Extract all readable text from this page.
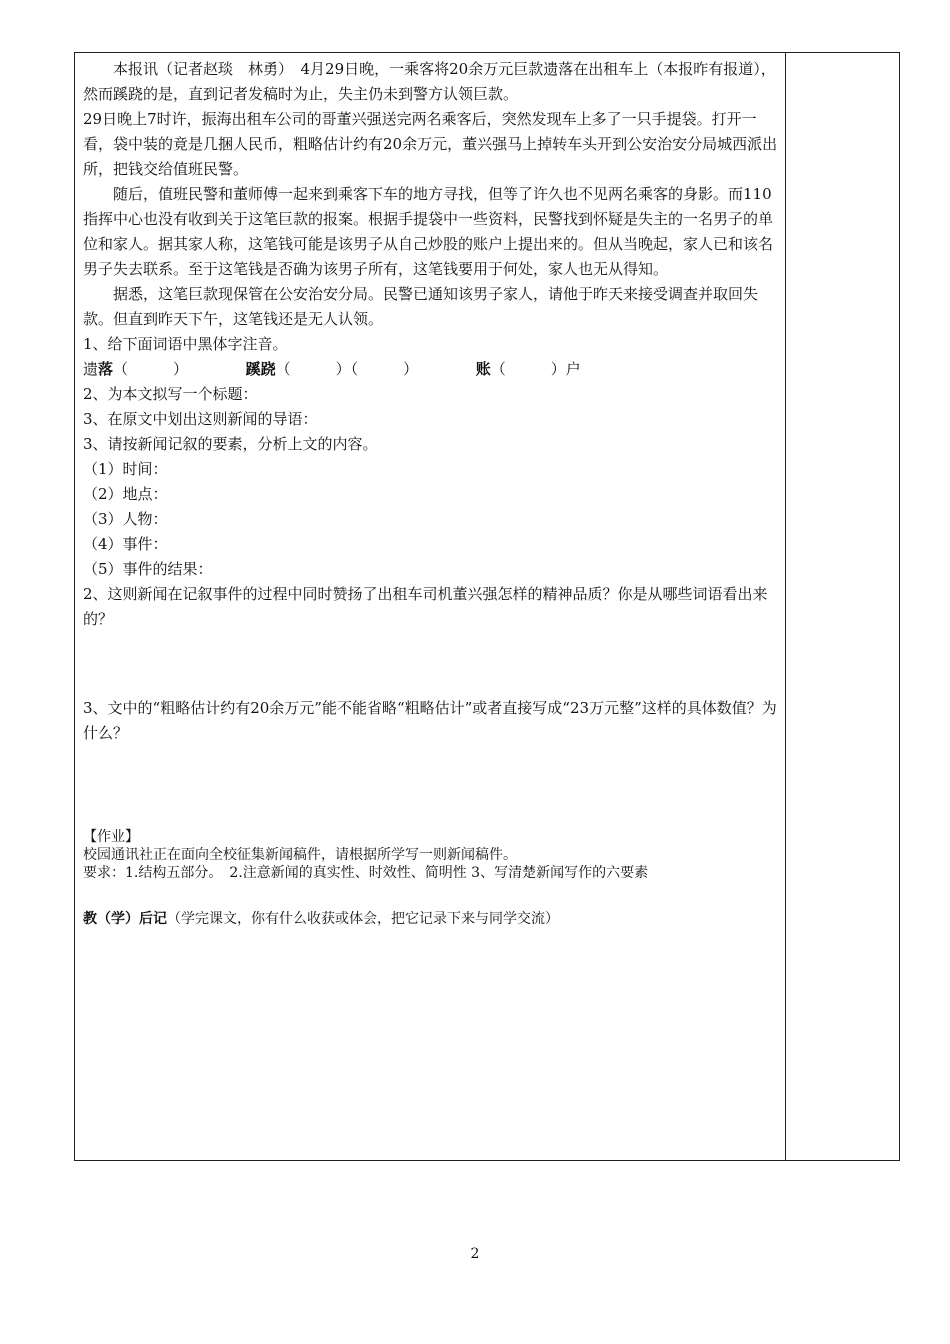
本报讯（记者赵琰　林勇）　4月29日晚，一乘客将20余万元巨款遗落在出租车上（本报昨有报道），然而蹊跷的是，直到记者发稿时为止，失主仍未到警方认领巨款。

29日晚上7时许，振海出租车公司的哥董兴强送完两名乘客后，突然发现车上多了一只手提袋。打开一看，袋中装的竟是几捆人民币，粗略估计约有20余万元，董兴强马上掉转车头开到公安治安分局城西派出所，把钱交给值班民警。

随后，值班民警和董师傅一起来到乘客下车的地方寻找，但等了许久也不见两名乘客的身影。而110指挥中心也没有收到关于这笔巨款的报案。根据手提袋中一些资料，民警找到怀疑是失主的一名男子的单位和家人。据其家人称，这笔钱可能是该男子从自己炒股的账户上提出来的。但从当晚起，家人已和该名男子失去联系。至于这笔钱是否确为该男子所有，这笔钱要用于何处，家人也无从得知。

据悉，这笔巨款现保管在公安治安分局。民警已通知该男子家人，请他于昨天来接受调查并取回失款。但直到昨天下午，这笔钱还是无人认领。

1、给下面词语中黑体字注音。

遗落（　　　）	蹊跷（　　　）（　　　）	账（　　　）户

2、为本文拟写一个标题：

3、在原文中划出这则新闻的导语：

3、请按新闻记叙的要素，分析上文的内容。

（1）时间：

（2）地点：

（3）人物：

（4）事件：

（5）事件的结果：

2、这则新闻在记叙事件的过程中同时赞扬了出租车司机董兴强怎样的精神品质？你是从哪些词语看出来的？

3、文中的“粗略估计约有20余万元”能不能省略“粗略估计”或者直接写成“23万元整”这样的具体数值？为什么？

【作业】

校园通讯社正在面向全校征集新闻稿件，请根据所学写一则新闻稿件。

要求：1.结构五部分。　2.注意新闻的真实性、时效性、简明性 3、写清楚新闻写作的六要素

教（学）后记（学完课文，你有什么收获或体会，把它记录下来与同学交流）

2
